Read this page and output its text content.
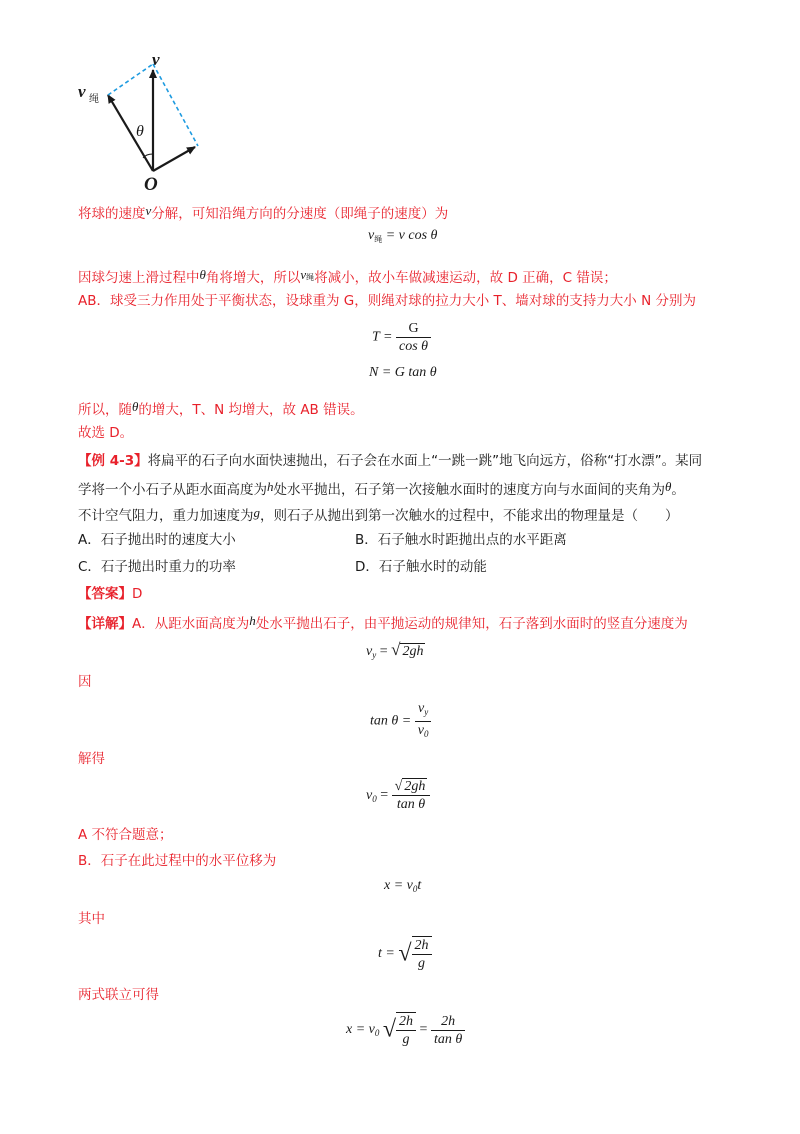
v
v 绳
θ
O
将球的速度v分解，可知沿绳方向的分速度（即绳子的速度）为
$v_绳 = v$ cos θ
因球匀速上滑过程中θ角将增大，所以v绳将减小，故小车做减速运动，故 D 正确，C 错误；
AB．球受三力作用处于平衡状态，设球重为 G，则绳对球的拉力大小 T、墙对球的支持力大小 N 分别为
$T = \frac{G}{\text{cos θ}}$
N = G tan θ
所以，随θ的增大，T、N 均增大，故 AB 错误。
故选 D。
【例 4-3】将扁平的石子向水面快速抛出，石子会在水面上“一跳一跳”地飞向远方，俗称“打水漂”。某同
学将一个小石子从距水面高度为h处水平抛出，石子第一次接触水面时的速度方向与水面间的夹角为θ。
不计空气阻力，重力加速度为g，则石子从抛出到第一次触水的过程中，不能求出的物理量是（　　）
A．石子抛出时的速度大小	B．石子触水时距抛出点的水平距离
C．石子抛出时重力的功率	D．石子触水时的动能
【答案】D
【详解】A．从距水面高度为h处水平抛出石子，由平抛运动的规律知，石子落到水面时的竖直分速度为
$v_y$ = √ 2gh
因
$\tan \theta = \frac{v_y}{v_0}$
解得
$v_0 = \frac{√ 2gh}{\text{tan θ}}$
A 不符合题意；
B．石子在此过程中的水平位移为
$x = v_0t$
其中
t = √ $\frac{2h}{g}$
两式联立可得
$x = v_0$ √ $\frac{2h}{g} = \frac{2h}{\text{tan θ}}$
